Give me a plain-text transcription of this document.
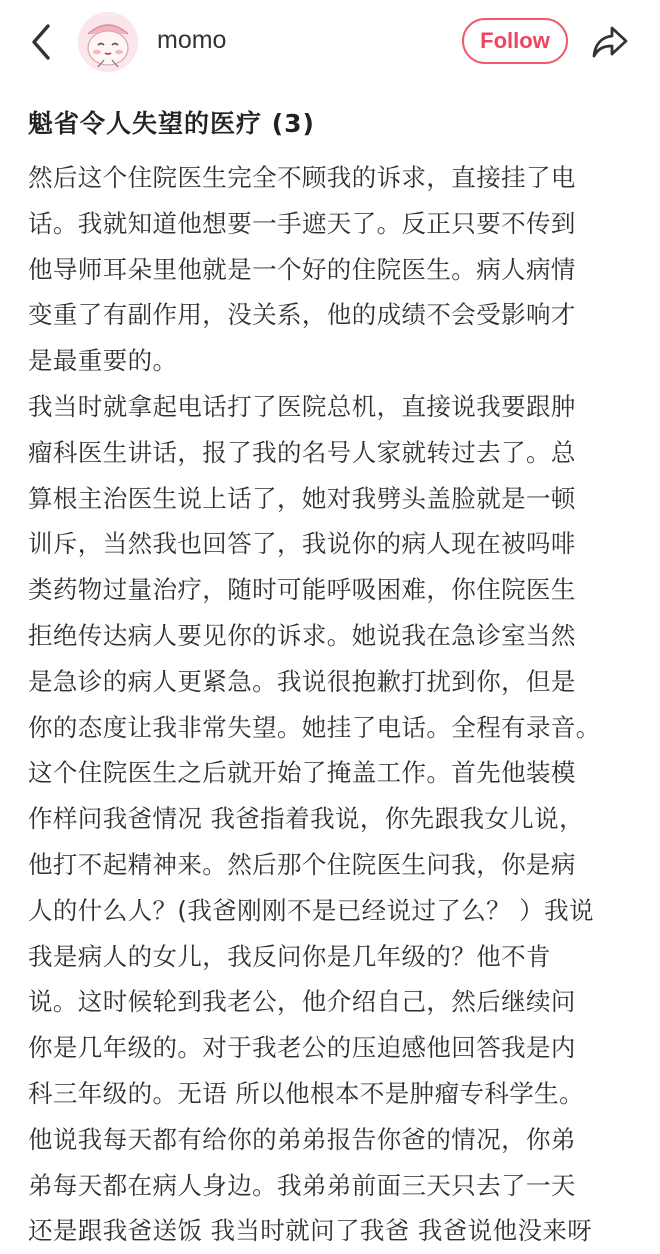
momo	Follow
魁省令人失望的医疗 (3)
然后这个住院医生完全不顾我的诉求，直接挂了电
话。我就知道他想要一手遮天了。反正只要不传到
他导师耳朵里他就是一个好的住院医生。病人病情
变重了有副作用，没关系，他的成绩不会受影响才
是最重要的。
我当时就拿起电话打了医院总机，直接说我要跟肿
瘤科医生讲话，报了我的名号人家就转过去了。总
算根主治医生说上话了，她对我劈头盖脸就是一顿
训斥，当然我也回答了，我说你的病人现在被吗啡
类药物过量治疗，随时可能呼吸困难，你住院医生
拒绝传达病人要见你的诉求。她说我在急诊室当然
是急诊的病人更紧急。我说很抱歉打扰到你，但是
你的态度让我非常失望。她挂了电话。全程有录音。
这个住院医生之后就开始了掩盖工作。首先他装模
作样问我爸情况 我爸指着我说，你先跟我女儿说，
他打不起精神来。然后那个住院医生问我，你是病
人的什么人？(我爸刚刚不是已经说过了么？ ）我说
我是病人的女儿，我反问你是几年级的？他不肯
说。这时候轮到我老公，他介绍自己，然后继续问
你是几年级的。对于我老公的压迫感他回答我是内
科三年级的。无语 所以他根本不是肿瘤专科学生。
他说我每天都有给你的弟弟报告你爸的情况，你弟
弟每天都在病人身边。我弟弟前面三天只去了一天
还是跟我爸送饭 我当时就问了我爸 我爸说他没来呀
